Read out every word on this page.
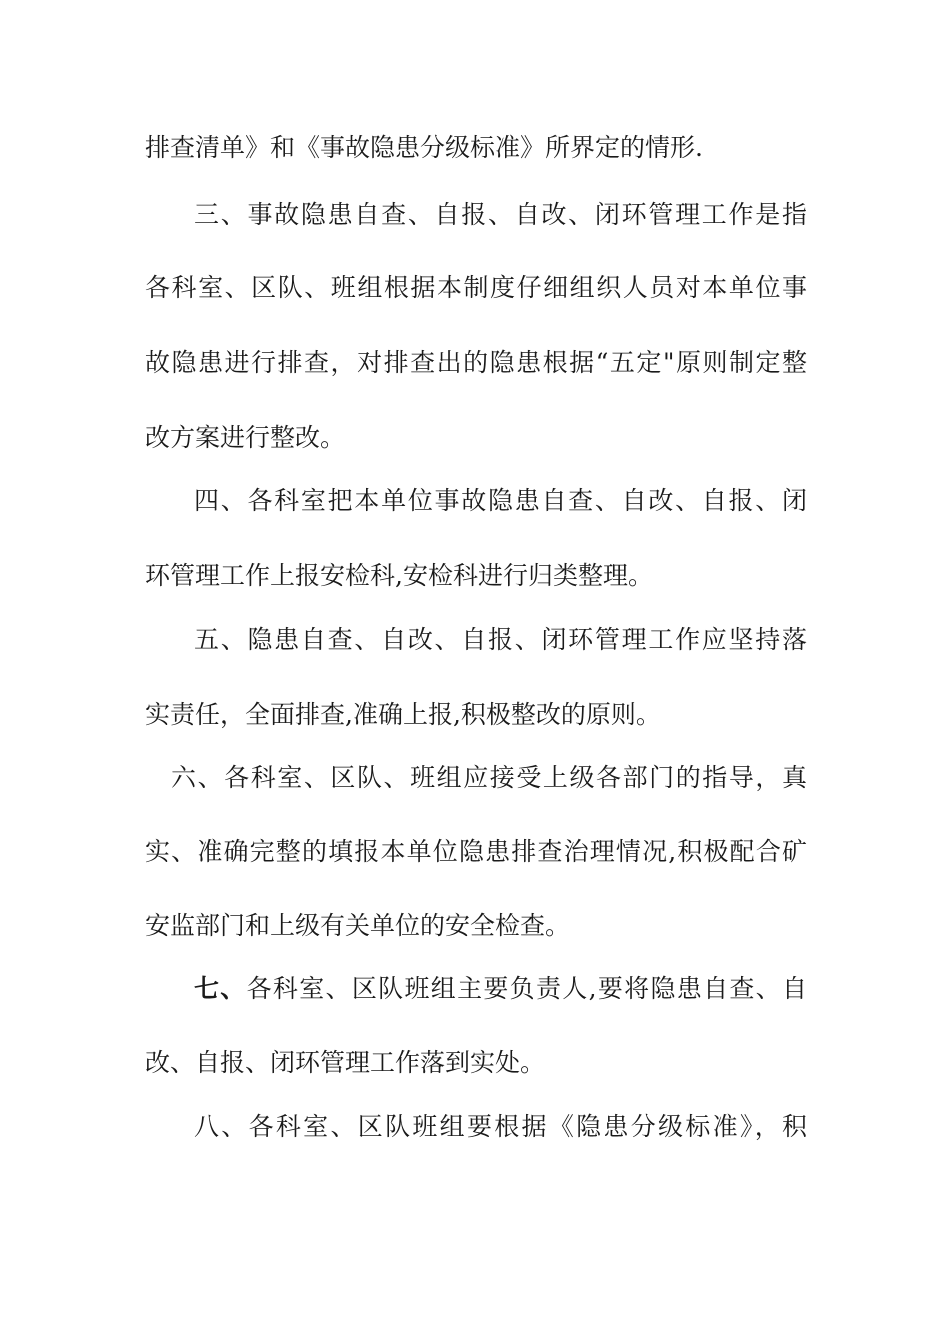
排查清单》和《事故隐患分级标准》所界定的情形.
三、事故隐患自查、自报、自改、闭环管理工作是指
各科室、区队、班组根据本制度仔细组织人员对本单位事
故隐患进行排查，对排查出的隐患根据“五定"原则制定整
改方案进行整改。
四、各科室把本单位事故隐患自查、自改、自报、闭
环管理工作上报安检科,安检科进行归类整理。
五、隐患自查、自改、自报、闭环管理工作应坚持落
实责任，全面排查,准确上报,积极整改的原则。
六、各科室、区队、班组应接受上级各部门的指导，真
实、准确完整的填报本单位隐患排查治理情况,积极配合矿
安监部门和上级有关单位的安全检查。
七、各科室、区队班组主要负责人,要将隐患自查、自
改、自报、闭环管理工作落到实处。
八、各科室、区队班组要根据《隐患分级标准》，积
